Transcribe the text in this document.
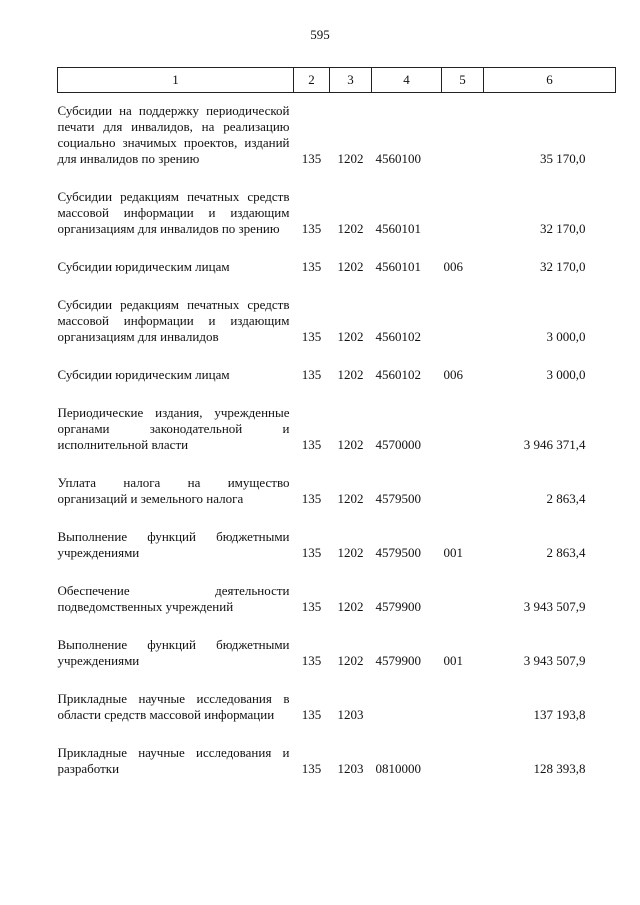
595
1	2	3	4	5	6
Субсидии на поддержку периодической печати для инвалидов, на реализацию социально значимых проектов, изданий для инвалидов по зрению	135	1202	4560100		35 170,0
Субсидии редакциям печатных средств массовой информации и издающим организациям для инвалидов по зрению	135	1202	4560101		32 170,0
Субсидии юридическим лицам	135	1202	4560101	006	32 170,0
Субсидии редакциям печатных средств массовой информации и издающим организациям для инвалидов	135	1202	4560102		3 000,0
Субсидии юридическим лицам	135	1202	4560102	006	3 000,0
Периодические издания, учрежденные органами законодательной и исполнительной власти	135	1202	4570000		3 946 371,4
Уплата налога на имущество организаций и земельного налога	135	1202	4579500		2 863,4
Выполнение функций бюджетными учреждениями	135	1202	4579500	001	2 863,4
Обеспечение деятельности подведомственных учреждений	135	1202	4579900		3 943 507,9
Выполнение функций бюджетными учреждениями	135	1202	4579900	001	3 943 507,9
Прикладные научные исследования в области средств массовой информации	135	1203			137 193,8
Прикладные научные исследования и разработки	135	1203	0810000		128 393,8
